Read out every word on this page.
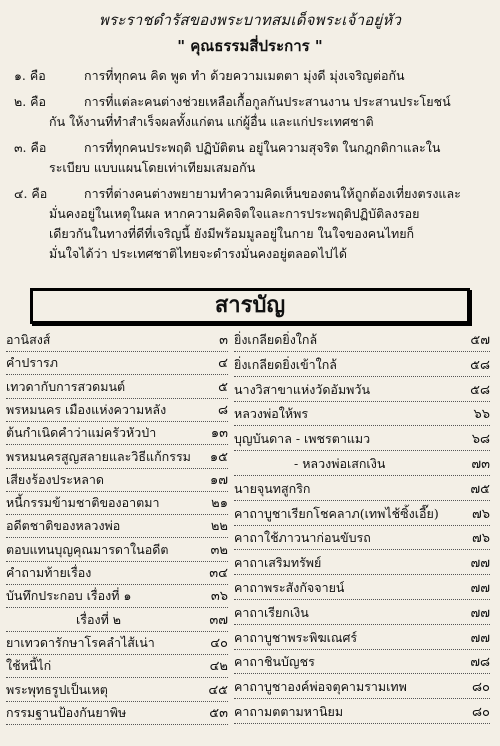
พระราชดำรัสของพระบาทสมเด็จพระเจ้าอยู่หัว
" คุณธรรมสี่ประการ "
๑. คือ	การที่ทุกคน คิด พูด ทำ ด้วยความเมตตา มุ่งดี มุ่งเจริญต่อกัน
๒. คือ	การที่แต่ละคนต่างช่วยเหลือเกื้อกูลกันประสานงาน ประสานประโยชน์
กัน ให้งานที่ทำสำเร็จผลทั้งแก่ตน แก่ผู้อื่น และแก่ประเทศชาติ
๓. คือ	การที่ทุกคนประพฤติ ปฏิบัติตน อยู่ในความสุจริต ในกฎกติกาและใน
ระเบียบ แบบแผนโดยเท่าเทียมเสมอกัน
๔. คือ	การที่ต่างคนต่างพยายามทำความคิดเห็นของตนให้ถูกต้องเที่ยงตรงและ
มั่นคงอยู่ในเหตุในผล หากความคิดจิตใจและการประพฤติปฏิบัติลงรอย
เดียวกันในทางที่ดีที่เจริญนี้ ยังมีพร้อมมูลอยู่ในกาย ในใจของคนไทยก็
มั่นใจได้ว่า ประเทศชาติไทยจะดำรงมั่นคงอยู่ตลอดไปได้
สารบัญ
อานิสงส์	๓
คำปรารภ	๔
เทวดากับการสวดมนต์	๕
พรหมนคร เมืองแห่งความหลัง	๘
ต้นกำเนิดคำว่าแม่ครัวหัวป่า	๑๓
พรหมนครสูญสลายและวิธีแก้กรรม ๑๕
เสียงร้องประหลาด	๑๗
หนี้กรรมข้ามชาติของอาตมา	๒๑
อดีตชาติของหลวงพ่อ	๒๒
ตอบแทนบุญคุณมารดาในอดีต	๓๒
คำถามท้ายเรื่อง	๓๔
บันทึกประกอบ เรื่องที่ ๑	๓๖
เรื่องที่ ๒	๓๗
ยาเทวดารักษาโรคลำไส้เน่า	๔๐
ใช้หนี้ไก่	๔๒
พระพุทธรูปเป็นเหตุ	๔๕
กรรมฐานป้องกันยาพิษ	๕๓
ยิ่งเกลียดยิ่งใกล้	๕๗
ยิ่งเกลียดยิ่งเข้าใกล้	๕๘
นางวิสาขาแห่งวัดอัมพวัน	๕๘
หลวงพ่อให้พร	๖๖
บุญบันดาล - เพชรตาแมว	๖๘
- หลวงพ่อเสกเงิน	๗๓
นายจุนทสูกริก	๗๕
คาถาบูชาเรียกโชคลาภ(เทพไช้ซิ้งเอี๊ย)	๗๖
คาถาใช้ภาวนาก่อนขับรถ	๗๖
คาถาเสริมทรัพย์	๗๗
คาถาพระสังกัจจายน์	๗๗
คาถาเรียกเงิน	๗๗
คาถาบูชาพระพิฆเณศร์	๗๗
คาถาชินบัญชร	๗๘
คาถาบูชาองค์พ่อจตุคามรามเทพ	๘๐
คาถามตตามหานิยม	๘๐
